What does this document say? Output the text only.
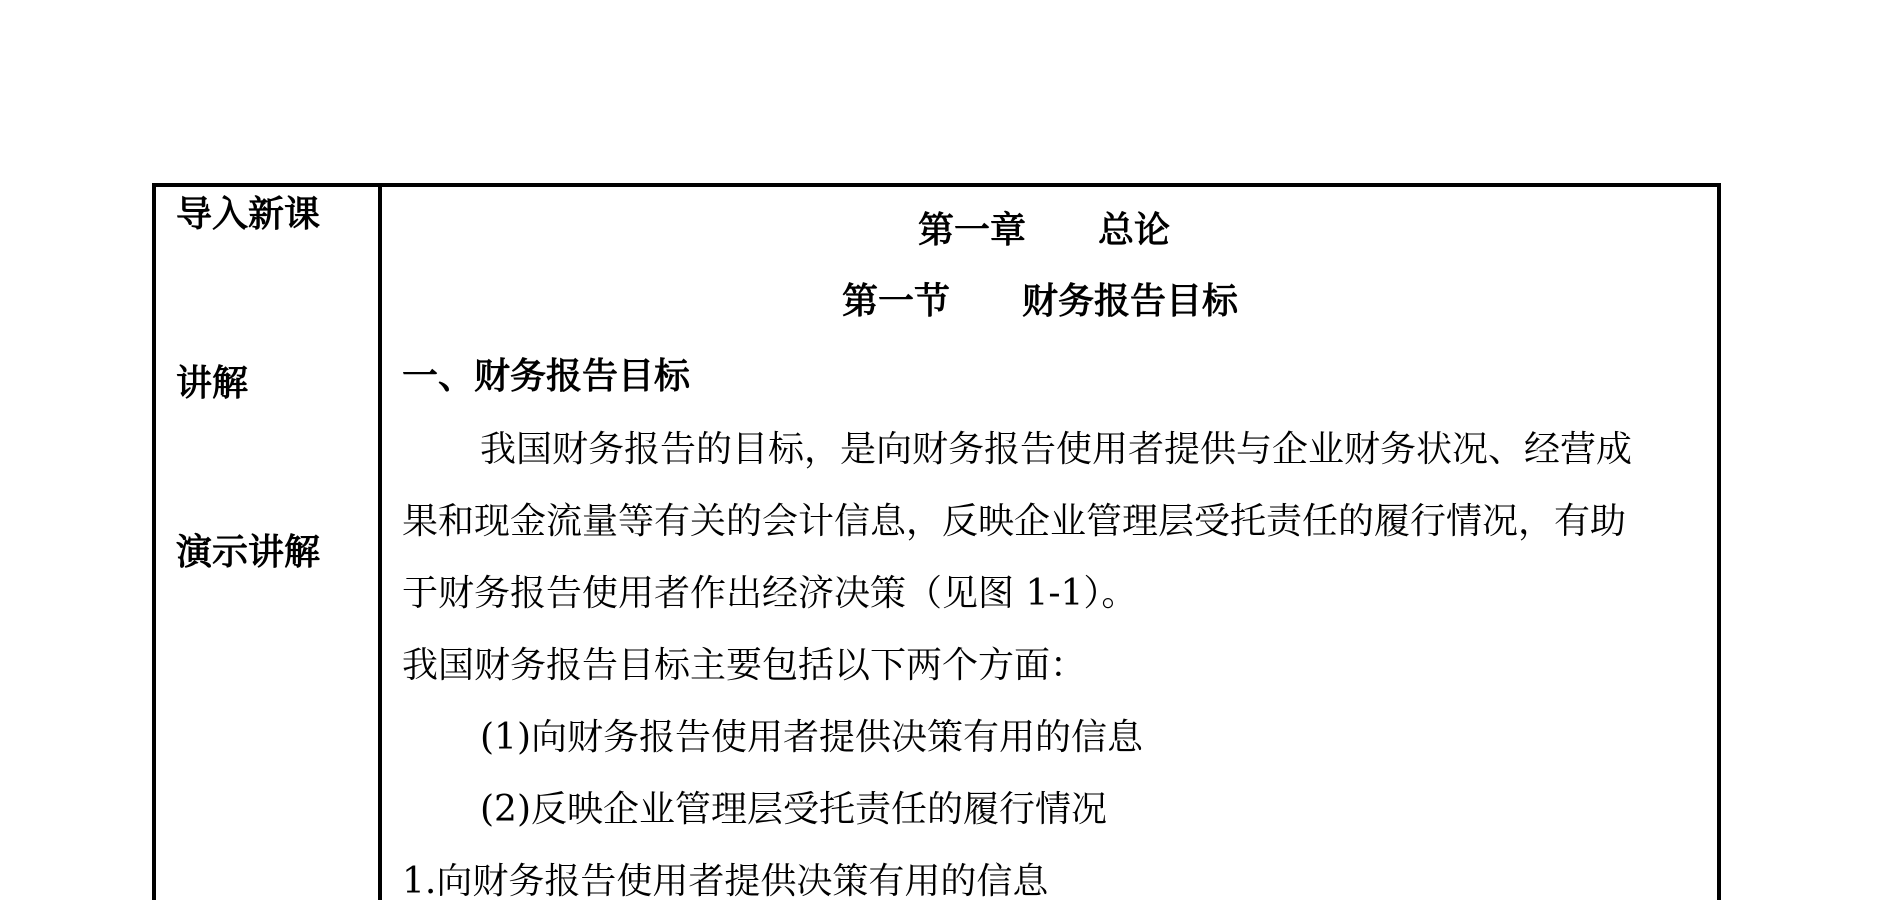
导入新课
讲解
演示讲解
第一章 总论
第一节 财务报告目标
一、财务报告目标
我国财务报告的目标，是向财务报告使用者提供与企业财务状况、经营成
果和现金流量等有关的会计信息，反映企业管理层受托责任的履行情况，有助
于财务报告使用者作出经济决策（见图 1-1）。
我国财务报告目标主要包括以下两个方面：
(1)向财务报告使用者提供决策有用的信息
(2)反映企业管理层受托责任的履行情况
1.向财务报告使用者提供决策有用的信息
